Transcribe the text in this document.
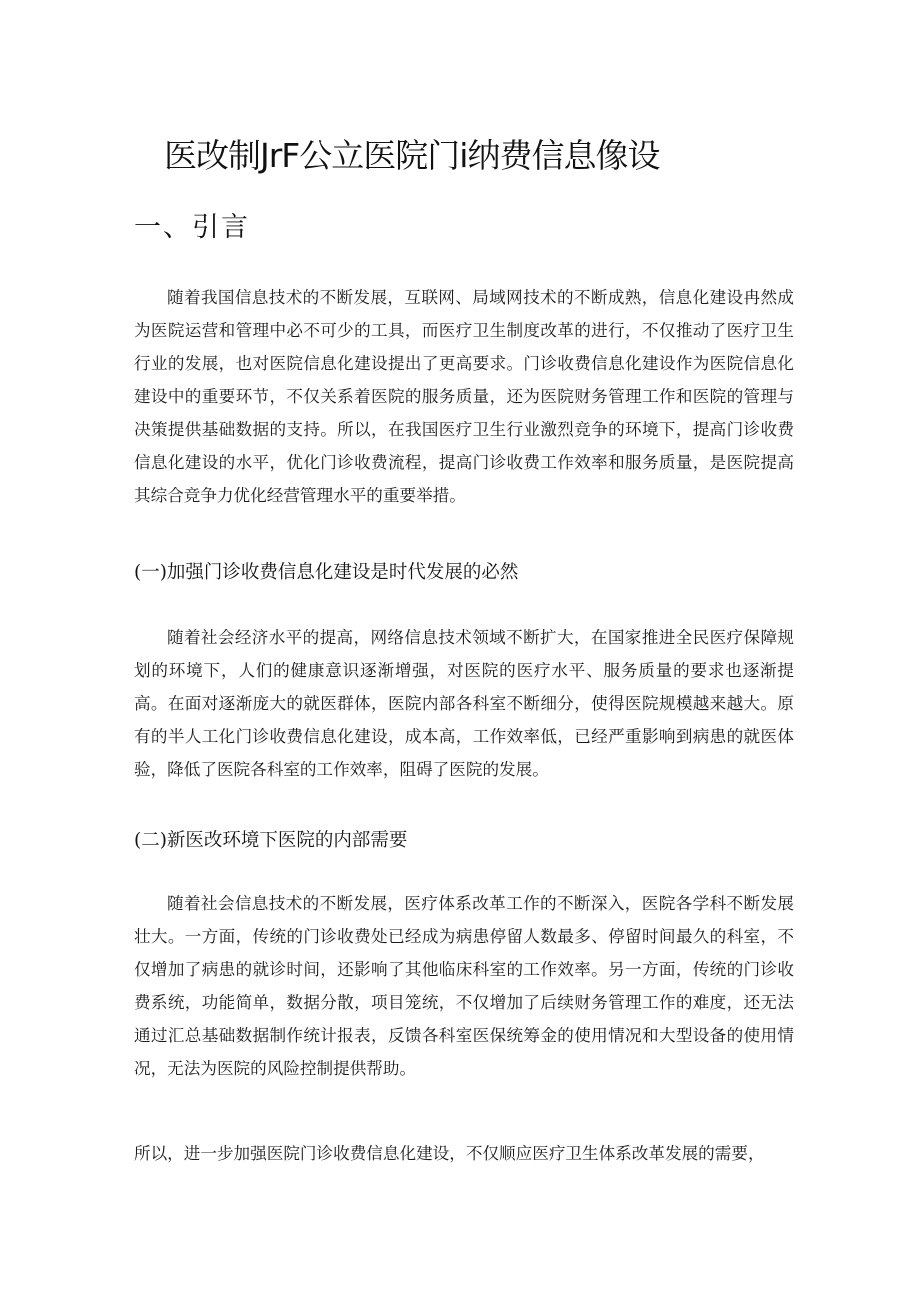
医改制JrF公立医院门i纳费信息像设
一、引言

随着我国信息技术的不断发展，互联网、局域网技术的不断成熟，信息化建设冉然成为医院运营和管理中必不可少的工具，而医疗卫生制度改革的进行，不仅推动了医疗卫生行业的发展，也对医院信息化建设提出了更高要求。门诊收费信息化建设作为医院信息化建设中的重要环节，不仅关系着医院的服务质量，还为医院财务管理工作和医院的管理与决策提供基础数据的支持。所以，在我国医疗卫生行业激烈竞争的环境下，提高门诊收费信息化建设的水平，优化门诊收费流程，提高门诊收费工作效率和服务质量，是医院提高其综合竞争力优化经营管理水平的重要举措。

(一)加强门诊收费信息化建设是时代发展的必然

随着社会经济水平的提高，网络信息技术领域不断扩大，在国家推进全民医疗保障规划的环境下，人们的健康意识逐渐增强，对医院的医疗水平、服务质量的要求也逐渐提高。在面对逐渐庞大的就医群体，医院内部各科室不断细分，使得医院规模越来越大。原有的半人工化门诊收费信息化建设，成本高，工作效率低，已经严重影响到病患的就医体验，降低了医院各科室的工作效率，阻碍了医院的发展。

(二)新医改环境下医院的内部需要

随着社会信息技术的不断发展，医疗体系改革工作的不断深入，医院各学科不断发展壮大。一方面，传统的门诊收费处已经成为病患停留人数最多、停留时间最久的科室，不仅增加了病患的就诊时间，还影响了其他临床科室的工作效率。另一方面，传统的门诊收费系统，功能简单，数据分散，项目笼统，不仅增加了后续财务管理工作的难度，还无法通过汇总基础数据制作统计报表，反馈各科室医保统筹金的使用情况和大型设备的使用情况，无法为医院的风险控制提供帮助。

所以，进一步加强医院门诊收费信息化建设，不仅顺应医疗卫生体系改革发展的需要，
